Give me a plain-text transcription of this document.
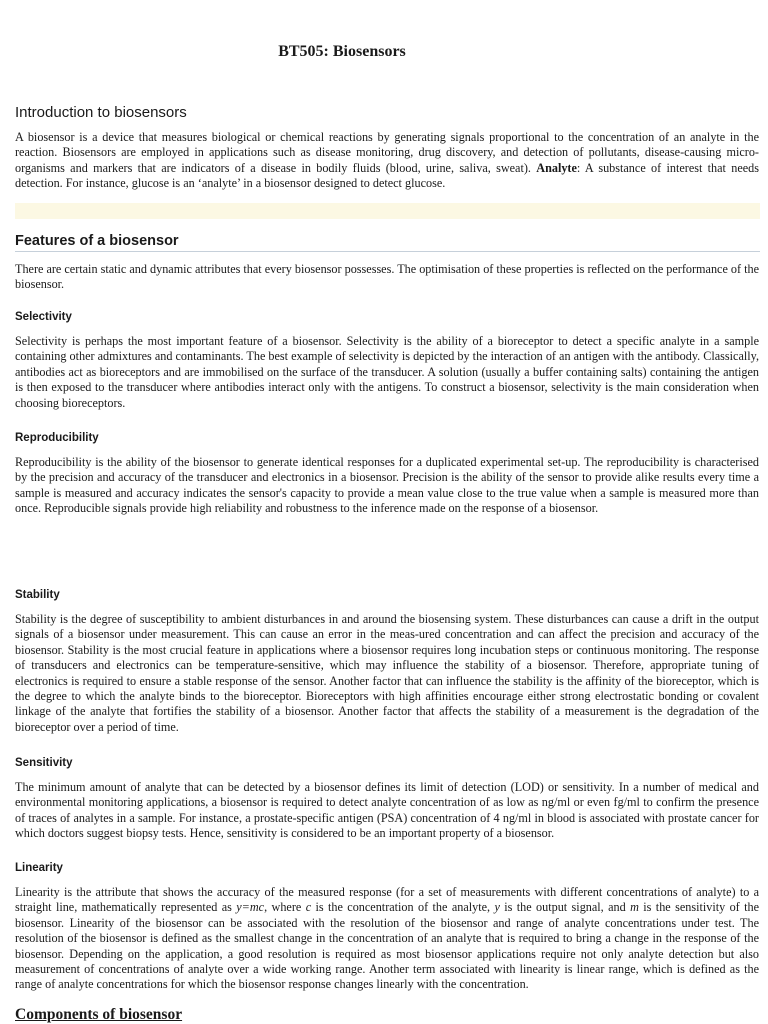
BT505: Biosensors
Introduction to biosensors

A biosensor is a device that measures biological or chemical reactions by generating signals proportional to the concentration of an analyte in the reaction. Biosensors are employed in applications such as disease monitoring, drug discovery, and detection of pollutants, disease-causing micro-organisms and markers that are indicators of a disease in bodily fluids (blood, urine, saliva, sweat). Analyte: A substance of interest that needs detection. For instance, glucose is an ‘analyte’ in a biosensor designed to detect glucose.

Features of a biosensor

There are certain static and dynamic attributes that every biosensor possesses. The optimisation of these properties is reflected on the performance of the biosensor.

Selectivity

Selectivity is perhaps the most important feature of a biosensor. Selectivity is the ability of a bioreceptor to detect a specific analyte in a sample containing other admixtures and contaminants. The best example of selectivity is depicted by the interaction of an antigen with the antibody. Classically, antibodies act as bioreceptors and are immobilised on the surface of the transducer. A solution (usually a buffer containing salts) containing the antigen is then exposed to the transducer where antibodies interact only with the antigens. To construct a biosensor, selectivity is the main consideration when choosing bioreceptors.

Reproducibility

Reproducibility is the ability of the biosensor to generate identical responses for a duplicated experimental set-up. The reproducibility is characterised by the precision and accuracy of the transducer and electronics in a biosensor. Precision is the ability of the sensor to provide alike results every time a sample is measured and accuracy indicates the sensor's capacity to provide a mean value close to the true value when a sample is measured more than once. Reproducible signals provide high reliability and robustness to the inference made on the response of a biosensor.

Stability

Stability is the degree of susceptibility to ambient disturbances in and around the biosensing system. These disturbances can cause a drift in the output signals of a biosensor under measurement. This can cause an error in the meas-ured concentration and can affect the precision and accuracy of the biosensor. Stability is the most crucial feature in applications where a biosensor requires long incubation steps or continuous monitoring. The response of transducers and electronics can be temperature-sensitive, which may influence the stability of a biosensor. Therefore, appropriate tuning of electronics is required to ensure a stable response of the sensor. Another factor that can influence the stability is the affinity of the bioreceptor, which is the degree to which the analyte binds to the bioreceptor. Bioreceptors with high affinities encourage either strong electrostatic bonding or covalent linkage of the analyte that fortifies the stability of a biosensor. Another factor that affects the stability of a measurement is the degradation of the bioreceptor over a period of time.

Sensitivity

The minimum amount of analyte that can be detected by a biosensor defines its limit of detection (LOD) or sensitivity. In a number of medical and environmental monitoring applications, a biosensor is required to detect analyte concentration of as low as ng/ml or even fg/ml to confirm the presence of traces of analytes in a sample. For instance, a prostate-specific antigen (PSA) concentration of 4 ng/ml in blood is associated with prostate cancer for which doctors suggest biopsy tests. Hence, sensitivity is considered to be an important property of a biosensor.

Linearity

Linearity is the attribute that shows the accuracy of the measured response (for a set of measurements with different concentrations of analyte) to a straight line, mathematically represented as y=mc, where c is the concentration of the analyte, y is the output signal, and m is the sensitivity of the biosensor. Linearity of the biosensor can be associated with the resolution of the biosensor and range of analyte concentrations under test. The resolution of the biosensor is defined as the smallest change in the concentration of an analyte that is required to bring a change in the response of the biosensor. Depending on the application, a good resolution is required as most biosensor applications require not only analyte detection but also measurement of concentrations of analyte over a wide working range. Another term associated with linearity is linear range, which is defined as the range of analyte concentrations for which the biosensor response changes linearly with the concentration.

Components of biosensor
